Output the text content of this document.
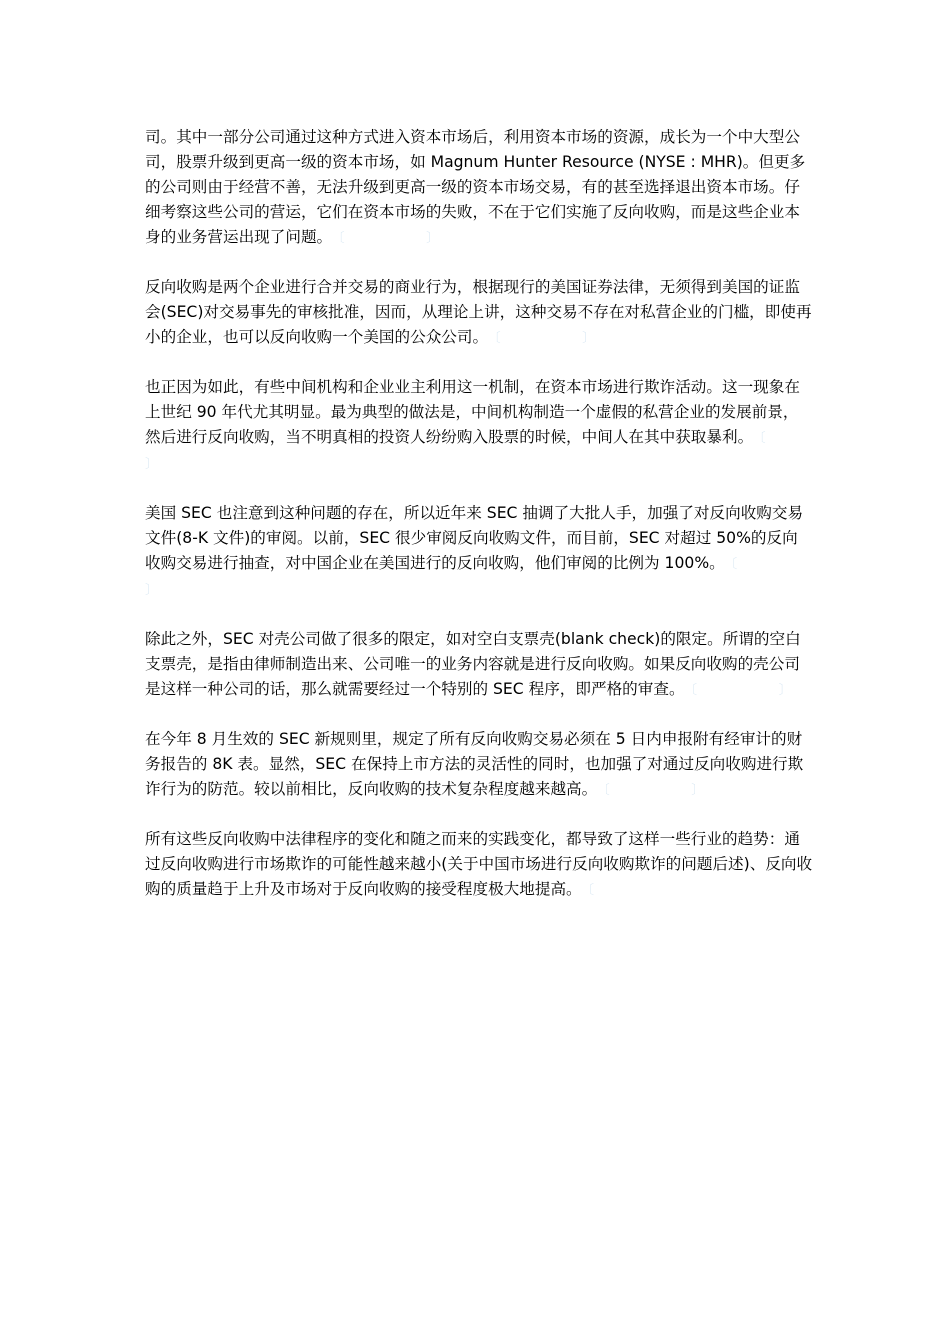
司。其中一部分公司通过这种方式进入资本市场后，利用资本市场的资源，成长为一个中大型公司，股票升级到更高一级的资本市场，如 Magnum Hunter Resource (NYSE : MHR)。但更多的公司则由于经营不善，无法升级到更高一级的资本市场交易，有的甚至选择退出资本市场。仔细考察这些公司的营运，它们在资本市场的失败，不在于它们实施了反向收购，而是这些企业本身的业务营运出现了问题。 〔　　　　　　〕

反向收购是两个企业进行合并交易的商业行为，根据现行的美国证券法律，无须得到美国的证监会(SEC)对交易事先的审核批准，因而，从理论上讲，这种交易不存在对私营企业的门槛，即使再小的企业，也可以反向收购一个美国的公众公司。 〔　　　　　　〕

也正因为如此，有些中间机构和企业业主利用这一机制，在资本市场进行欺诈活动。这一现象在上世纪 90 年代尤其明显。最为典型的做法是，中间机构制造一个虚假的私营企业的发展前景，然后进行反向收购，当不明真相的投资人纷纷购入股票的时候，中间人在其中获取暴利。 〔　　　　　　〕

美国 SEC 也注意到这种问题的存在，所以近年来 SEC 抽调了大批人手，加强了对反向收购交易文件(8-K 文件)的审阅。以前，SEC 很少审阅反向收购文件，而目前，SEC 对超过 50%的反向收购交易进行抽查，对中国企业在美国进行的反向收购，他们审阅的比例为 100%。 〔　　　　　　〕

除此之外，SEC 对壳公司做了很多的限定，如对空白支票壳(blank check)的限定。所谓的空白支票壳，是指由律师制造出来、公司唯一的业务内容就是进行反向收购。如果反向收购的壳公司是这样一种公司的话，那么就需要经过一个特别的 SEC 程序，即严格的审查。 〔　　　　　　〕

在今年 8 月生效的 SEC 新规则里，规定了所有反向收购交易必须在 5 日内申报附有经审计的财务报告的 8K 表。显然，SEC 在保持上市方法的灵活性的同时，也加强了对通过反向收购进行欺诈行为的防范。较以前相比，反向收购的技术复杂程度越来越高。 〔　　　　　　〕

所有这些反向收购中法律程序的变化和随之而来的实践变化，都导致了这样一些行业的趋势：通过反向收购进行市场欺诈的可能性越来越小(关于中国市场进行反向收购欺诈的问题后述)、反向收购的质量趋于上升及市场对于反向收购的接受程度极大地提高。 〔
